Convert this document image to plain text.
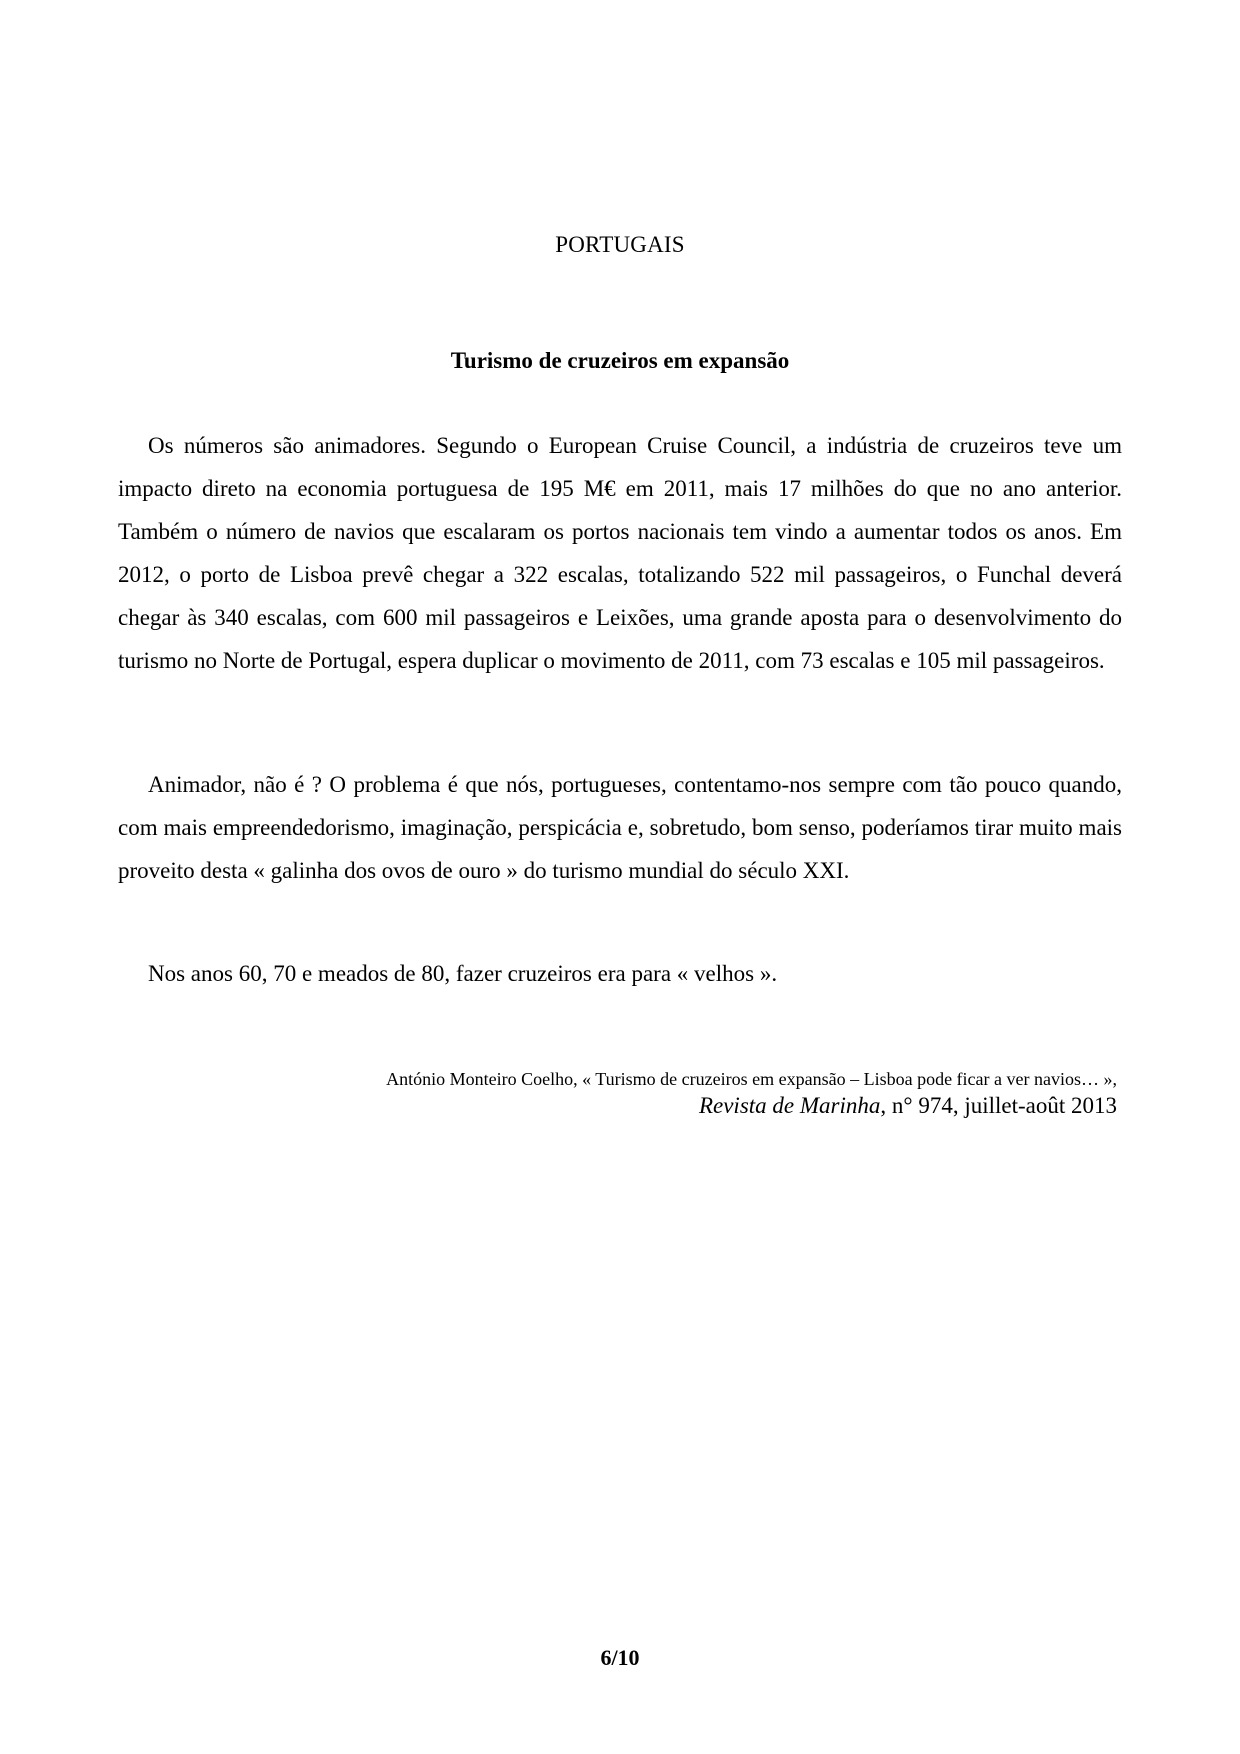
PORTUGAIS
Turismo de cruzeiros em expansão

Os números são animadores. Segundo o European Cruise Council, a indústria de cruzeiros teve um impacto direto na economia portuguesa de 195 M€ em 2011, mais 17 milhões do que no ano anterior. Também o número de navios que escalaram os portos nacionais tem vindo a aumentar todos os anos. Em 2012, o porto de Lisboa prevê chegar a 322 escalas, totalizando 522 mil passageiros, o Funchal deverá chegar às 340 escalas, com 600 mil passageiros e Leixões, uma grande aposta para o desenvolvimento do turismo no Norte de Portugal, espera duplicar o movimento de 2011, com 73 escalas e 105 mil passageiros.

Animador, não é ? O problema é que nós, portugueses, contentamo-nos sempre com tão pouco quando, com mais empreendedorismo, imaginação, perspicácia e, sobretudo, bom senso, poderíamos tirar muito mais proveito desta « galinha dos ovos de ouro » do turismo mundial do século XXI.

Nos anos 60, 70 e meados de 80, fazer cruzeiros era para « velhos ».

António Monteiro Coelho, « Turismo de cruzeiros em expansão – Lisboa pode ficar a ver navios… »,
Revista de Marinha, n° 974, juillet-août 2013
6/10
